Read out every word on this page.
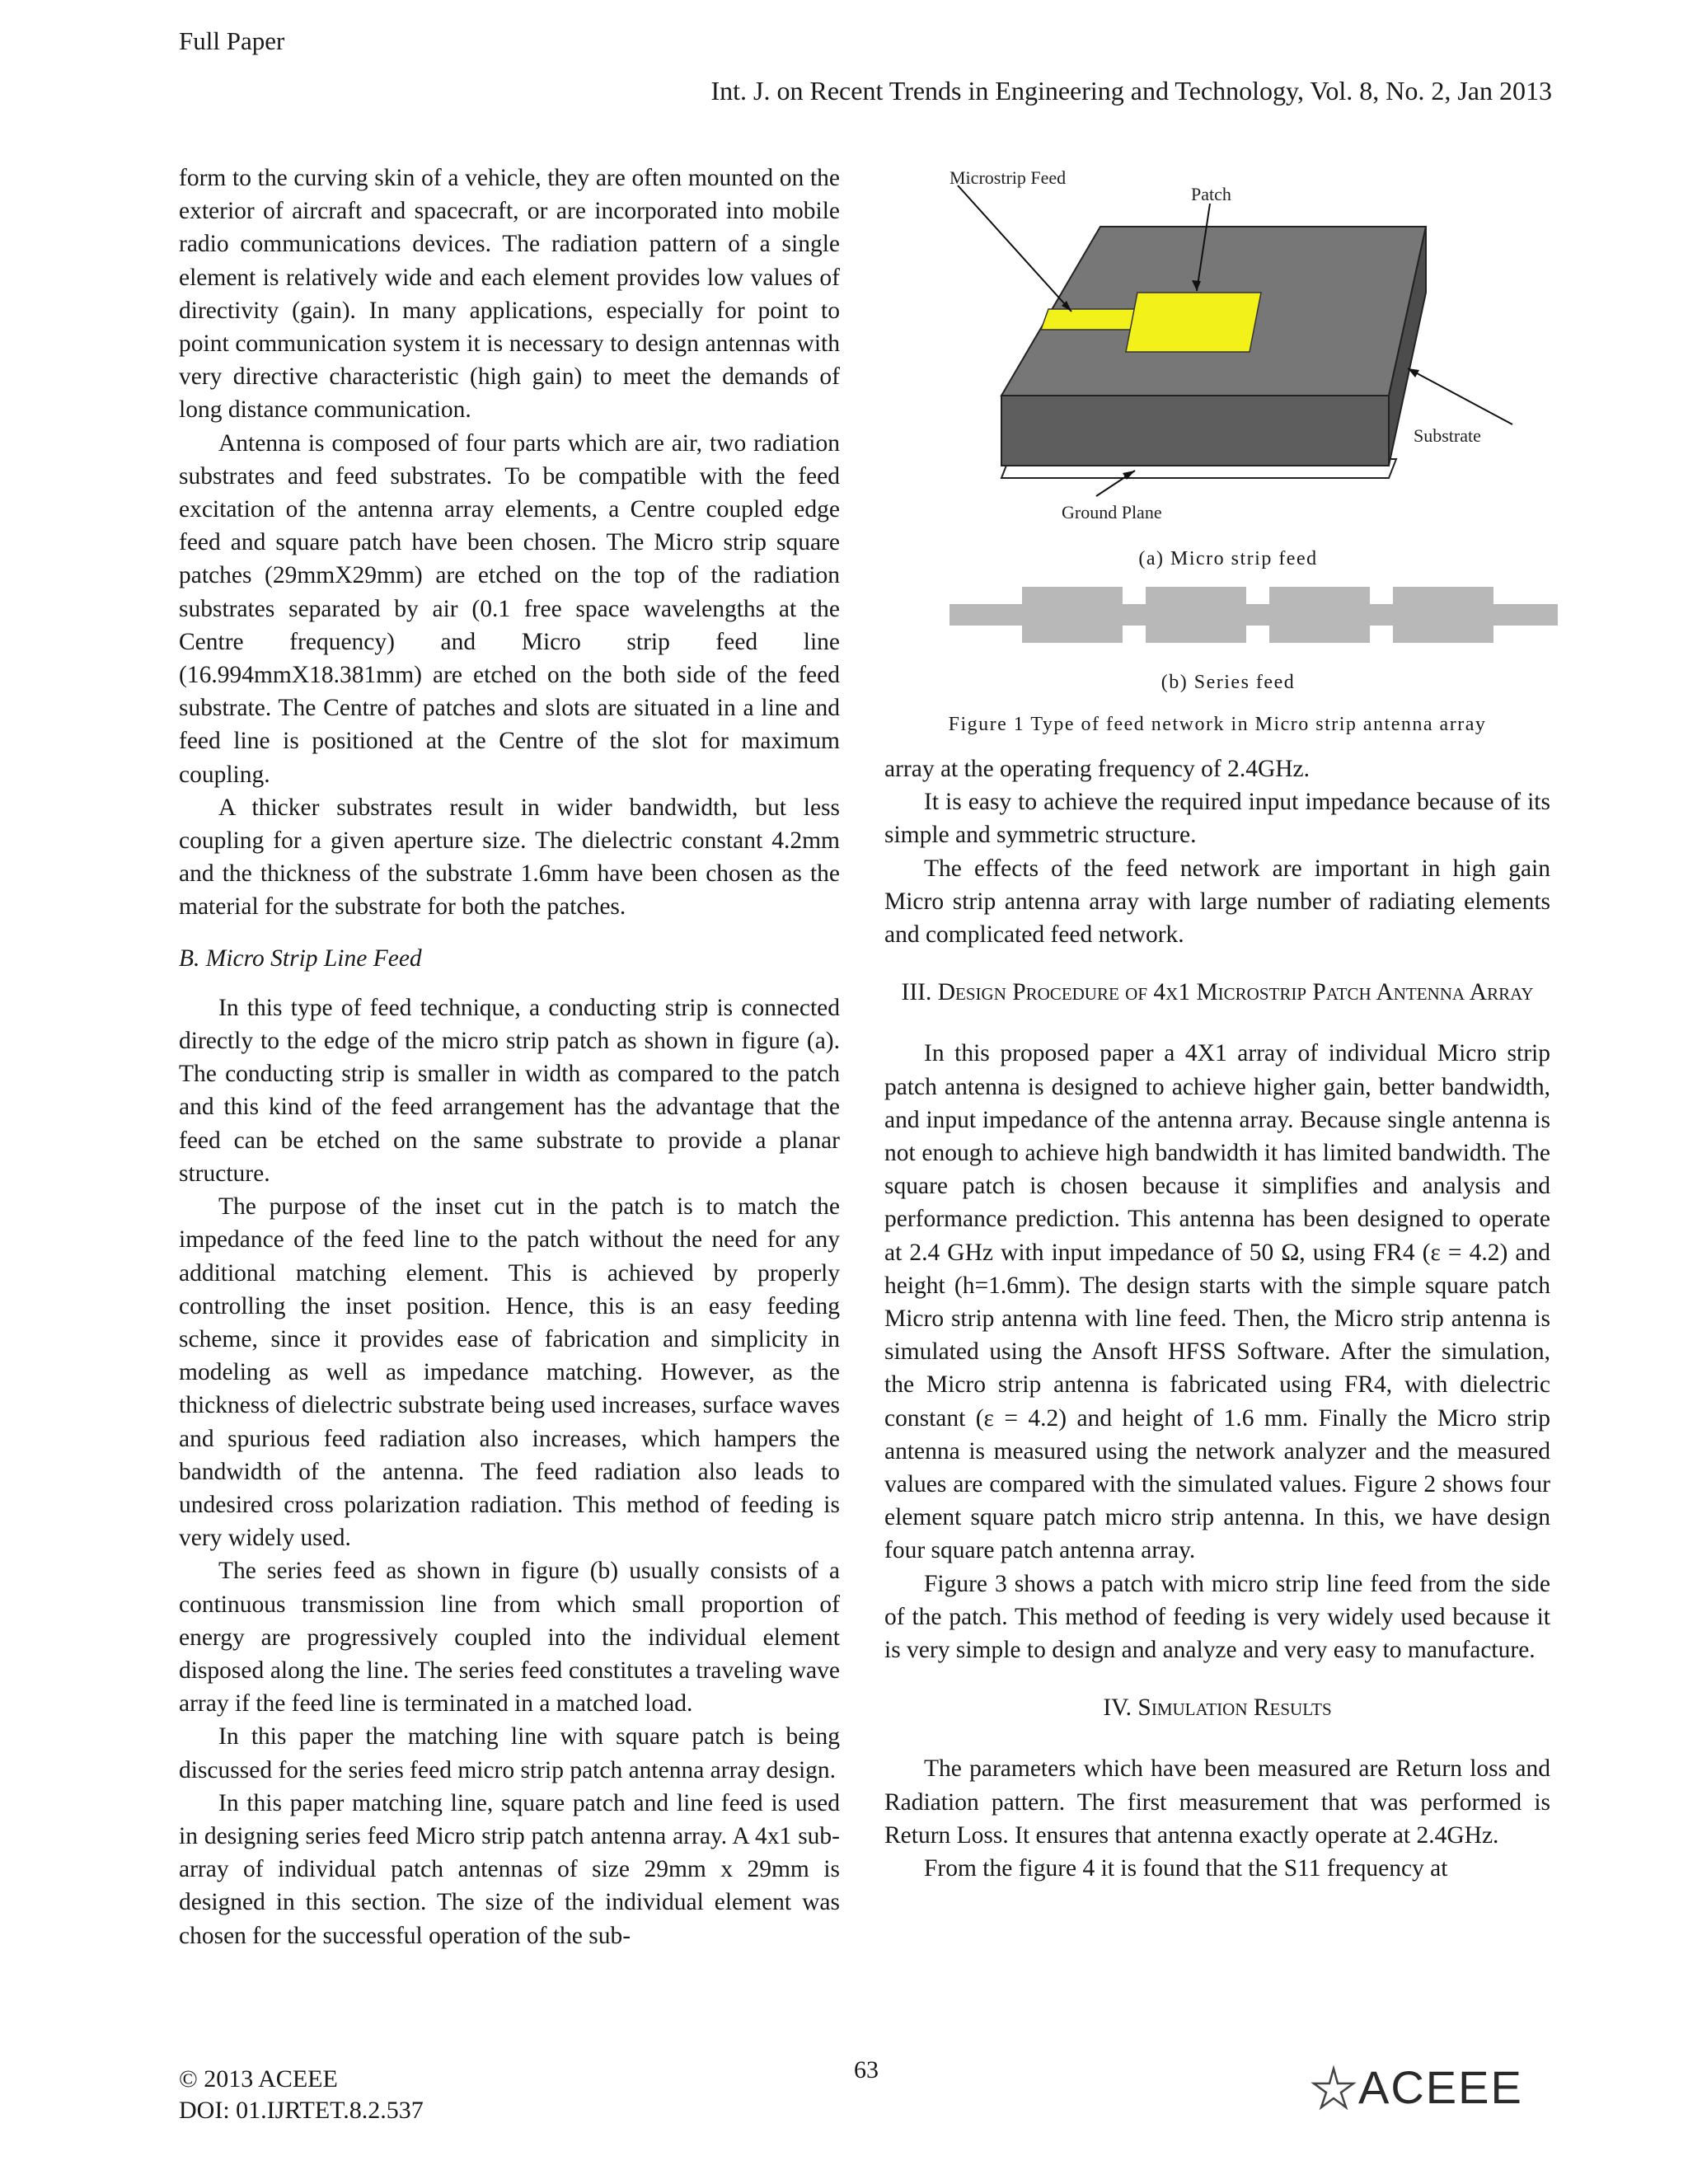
Full Paper
Int. J. on Recent Trends in Engineering and Technology, Vol. 8, No. 2, Jan 2013

form to the curving skin of a vehicle, they are often mounted on the exterior of aircraft and spacecraft, or are incorporated into mobile radio communications devices. The radiation pattern of a single element is relatively wide and each element provides low values of directivity (gain). In many applications, especially for point to point communication system it is necessary to design antennas with very directive characteristic (high gain) to meet the demands of long distance communication.

Antenna is composed of four parts which are air, two radiation substrates and feed substrates. To be compatible with the feed excitation of the antenna array elements, a Centre coupled edge feed and square patch have been chosen. The Micro strip square patches (29mmX29mm) are etched on the top of the radiation substrates separated by air (0.1 free space wavelengths at the Centre frequency) and Micro strip feed line (16.994mmX18.381mm) are etched on the both side of the feed substrate. The Centre of patches and slots are situated in a line and feed line is positioned at the Centre of the slot for maximum coupling.

A thicker substrates result in wider bandwidth, but less coupling for a given aperture size. The dielectric constant 4.2mm and the thickness of the substrate 1.6mm have been chosen as the material for the substrate for both the patches.

B. Micro Strip Line Feed

In this type of feed technique, a conducting strip is connected directly to the edge of the micro strip patch as shown in figure (a). The conducting strip is smaller in width as compared to the patch and this kind of the feed arrangement has the advantage that the feed can be etched on the same substrate to provide a planar structure.

The purpose of the inset cut in the patch is to match the impedance of the feed line to the patch without the need for any additional matching element. This is achieved by properly controlling the inset position. Hence, this is an easy feeding scheme, since it provides ease of fabrication and simplicity in modeling as well as impedance matching. However, as the thickness of dielectric substrate being used increases, surface waves and spurious feed radiation also increases, which hampers the bandwidth of the antenna. The feed radiation also leads to undesired cross polarization radiation. This method of feeding is very widely used.

The series feed as shown in figure (b) usually consists of a continuous transmission line from which small proportion of energy are progressively coupled into the individual element disposed along the line. The series feed constitutes a traveling wave array if the feed line is terminated in a matched load.

In this paper the matching line with square patch is being discussed for the series feed micro strip patch antenna array design.

In this paper matching line, square patch and line feed is used in designing series feed Micro strip patch antenna array. A 4x1 sub-array of individual patch antennas of size 29mm x 29mm is designed in this section. The size of the individual element was chosen for the successful operation of the sub-

Microstrip Feed
Patch
Substrate
Ground Plane
(a) Micro strip feed
(b) Series feed
Figure 1 Type of feed network in Micro strip antenna array

array at the operating frequency of 2.4GHz.

It is easy to achieve the required input impedance because of its simple and symmetric structure.

The effects of the feed network are important in high gain Micro strip antenna array with large number of radiating elements and complicated feed network.

III. Design Procedure of 4x1 Microstrip Patch Antenna Array

In this proposed paper a 4X1 array of individual Micro strip patch antenna is designed to achieve higher gain, better bandwidth, and input impedance of the antenna array. Because single antenna is not enough to achieve high bandwidth it has limited bandwidth. The square patch is chosen because it simplifies and analysis and performance prediction. This antenna has been designed to operate at 2.4 GHz with input impedance of 50 Ω, using FR4 (ε = 4.2) and height (h=1.6mm). The design starts with the simple square patch Micro strip antenna with line feed. Then, the Micro strip antenna is simulated using the Ansoft HFSS Software. After the simulation, the Micro strip antenna is fabricated using FR4, with dielectric constant (ε = 4.2) and height of 1.6 mm. Finally the Micro strip antenna is measured using the network analyzer and the measured values are compared with the simulated values. Figure 2 shows four element square patch micro strip antenna. In this, we have design four square patch antenna array.

Figure 3 shows a patch with micro strip line feed from the side of the patch. This method of feeding is very widely used because it is very simple to design and analyze and very easy to manufacture.

IV. Simulation Results

The parameters which have been measured are Return loss and Radiation pattern. The first measurement that was performed is Return Loss. It ensures that antenna exactly operate at 2.4GHz.

From the figure 4 it is found that the S11 frequency at

© 2013 ACEEE
DOI: 01.IJRTET.8.2.537
63	ACEEE
